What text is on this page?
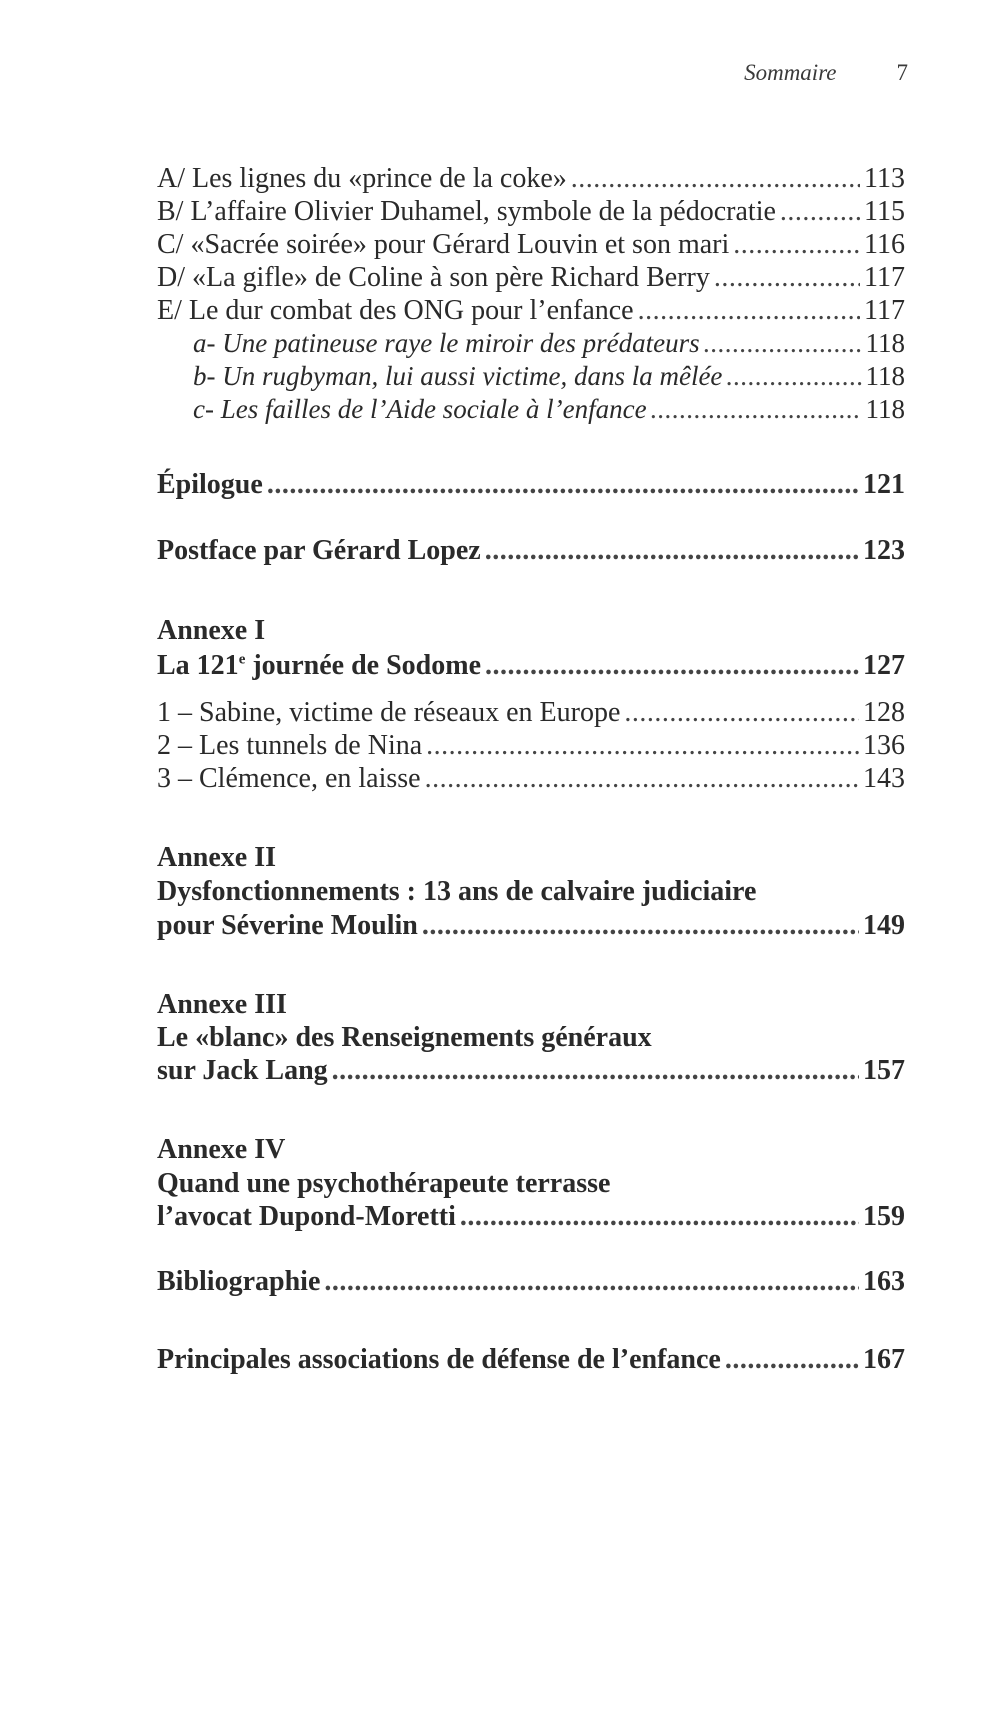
Sommaire	7
A/ Les lignes du «prince de la coke» .....	113
B/ L’affaire Olivier Duhamel, symbole de la pédocratie .....	115
C/ «Sacrée soirée» pour Gérard Louvin et son mari .....	116
D/ «La gifle» de Coline à son père Richard Berry .....	117
E/ Le dur combat des ONG pour l’enfance .....	117
a- Une patineuse raye le miroir des prédateurs .....	118
b- Un rugbyman, lui aussi victime, dans la mêlée .....	118
c- Les failles de l’Aide sociale à l’enfance .....	118
Épilogue .....	121
Postface par Gérard Lopez .....	123
Annexe I
La 121e journée de Sodome .....	127
1 – Sabine, victime de réseaux en Europe .....	128
2 – Les tunnels de Nina .....	136
3 – Clémence, en laisse .....	143
Annexe II
Dysfonctionnements : 13 ans de calvaire judiciaire
pour Séverine Moulin .....	149
Annexe III
Le «blanc» des Renseignements généraux
sur Jack Lang .....	157
Annexe IV
Quand une psychothérapeute terrasse
l’avocat Dupond-Moretti .....	159
Bibliographie .....	163
Principales associations de défense de l’enfance .....	167
